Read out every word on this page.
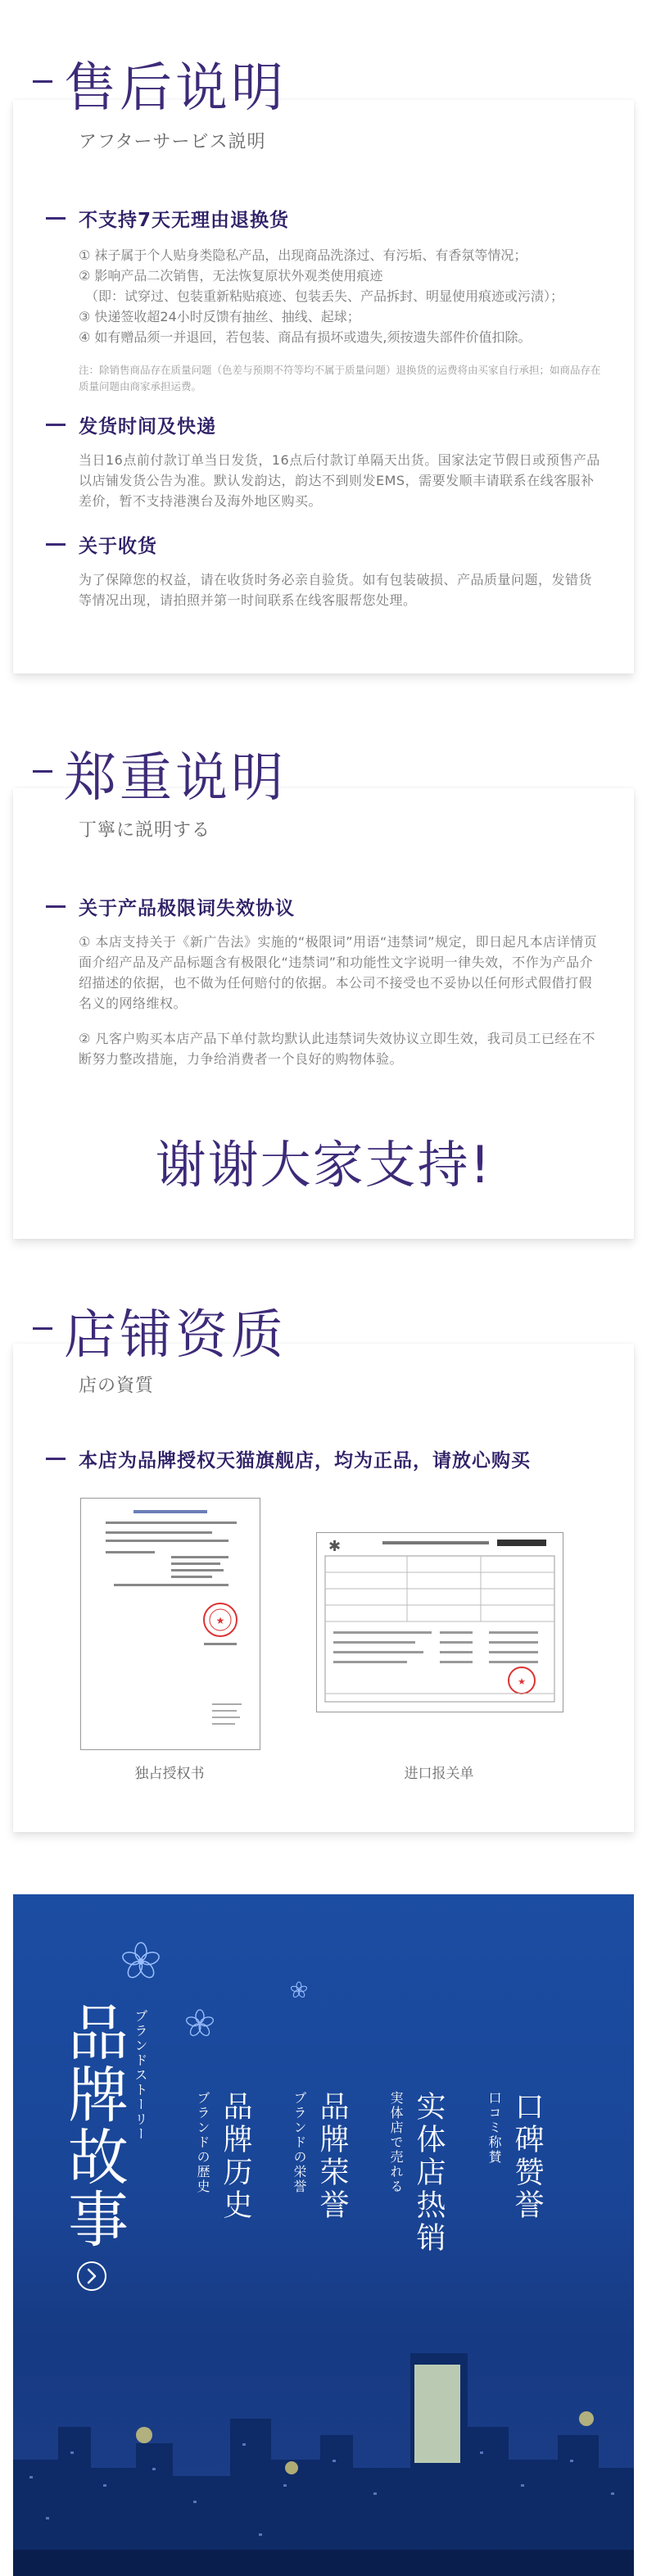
售后说明
アフターサービス説明
不支持7天无理由退换货
① 袜子属于个人贴身类隐私产品，出现商品洗涤过、有污垢、有香氛等情况；
② 影响产品二次销售，无法恢复原状外观类使用痕迹
　（即：试穿过、包装重新粘贴痕迹、包装丢失、产品拆封、明显使用痕迹或污渍）；
③ 快递签收超24小时反馈有抽丝、抽线、起球；
④ 如有赠品须一并退回，若包装、商品有损坏或遗失,须按遗失部件价值扣除。

注：除销售商品存在质量问题（色差与预期不符等均不属于质量问题）退换货的运费将由买家自行承担；如商品存在质量问题由商家承担运费。

发货时间及快递

当日16点前付款订单当日发货，16点后付款订单隔天出货。国家法定节假日或预售产品以店铺发货公告为准。默认发韵达，韵达不到则发EMS，需要发顺丰请联系在线客服补差价，暂不支持港澳台及海外地区购买。

关于收货

为了保障您的权益，请在收货时务必亲自验货。如有包装破损、产品质量问题，发错货等情况出现，请拍照并第一时间联系在线客服帮您处理。

郑重说明
丁寧に説明する
关于产品极限词失效协议

① 本店支持关于《新广告法》实施的“极限词”用语“违禁词”规定，即日起凡本店详情页面介绍产品及产品标题含有极限化“违禁词”和功能性文字说明一律失效，不作为产品介绍描述的依据，也不做为任何赔付的依据。本公司不接受也不妥协以任何形式假借打假名义的网络维权。

② 凡客户购买本店产品下单付款均默认此违禁词失效协议立即生效，我司员工已经在不断努力整改措施，力争给消费者一个良好的购物体验。

谢谢大家支持!
店铺资质
店の資質
本店为品牌授权天猫旗舰店，均为正品，请放心购买
★
独占授权书
✱
★
进口报关单
品牌故事 ブランドストーリー
品牌历史
ブランドの歴史	品牌荣誉
ブランドの栄誉	实体店热销
実体店で売れる	口碑赞誉
口コミ称賛
